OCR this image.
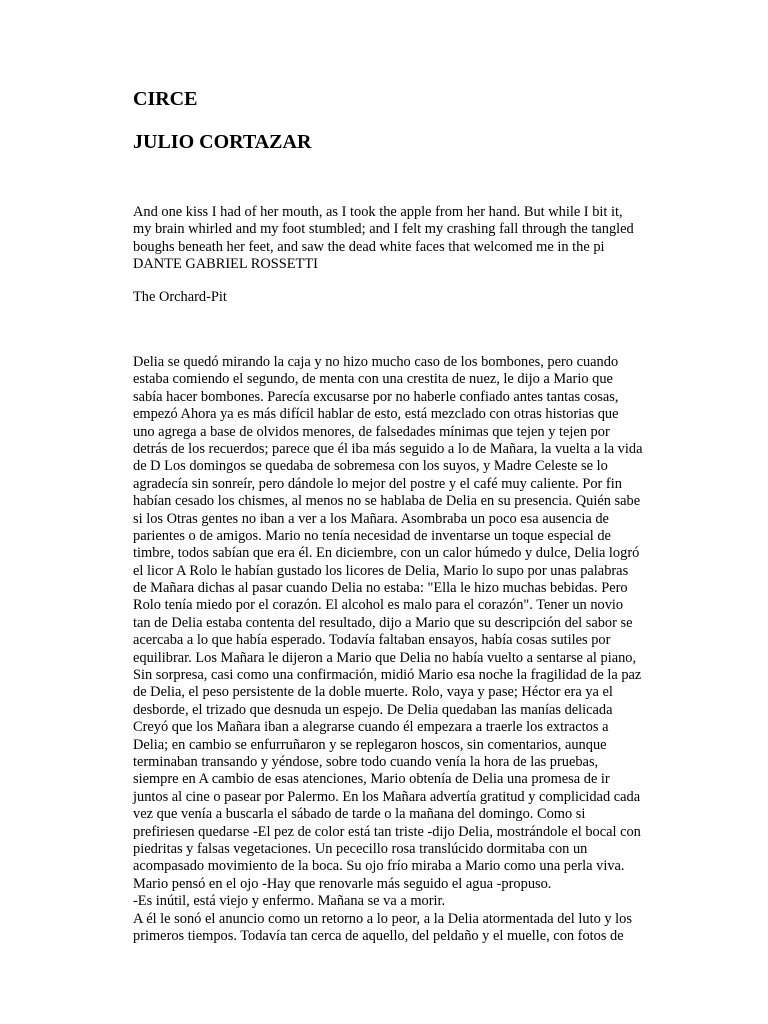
CIRCE
JULIO CORTAZAR
And one kiss I had of her mouth, as I took the apple from her hand. But while I bit it,
my brain whirled and my foot stumbled; and I felt my crashing fall through the tangled
boughs beneath her feet, and saw the dead white faces that welcomed me in the pi
DANTE GABRIEL ROSSETTI
The Orchard-Pit
Delia se quedó mirando la caja y no hizo mucho caso de los bombones, pero cuando
estaba comiendo el segundo, de menta con una crestita de nuez, le dijo a Mario que
sabía hacer bombones. Parecía excusarse por no haberle confiado antes tantas cosas,
empezó Ahora ya es más difícil hablar de esto, está mezclado con otras historias que
uno agrega a base de olvidos menores, de falsedades mínimas que tejen y tejen por
detrás de los recuerdos; parece que él iba más seguido a lo de Mañara, la vuelta a la vida
de D Los domingos se quedaba de sobremesa con los suyos, y Madre Celeste se lo
agradecía sin sonreír, pero dándole lo mejor del postre y el café muy caliente. Por fin
habían cesado los chismes, al menos no se hablaba de Delia en su presencia. Quién sabe
si los Otras gentes no iban a ver a los Mañara. Asombraba un poco esa ausencia de
parientes o de amigos. Mario no tenía necesidad de inventarse un toque especial de
timbre, todos sabían que era él. En diciembre, con un calor húmedo y dulce, Delia logró
el licor A Rolo le habían gustado los licores de Delia, Mario lo supo por unas palabras
de Mañara dichas al pasar cuando Delia no estaba: "Ella le hizo muchas bebidas. Pero
Rolo tenía miedo por el corazón. El alcohol es malo para el corazón". Tener un novio
tan de Delia estaba contenta del resultado, dijo a Mario que su descripción del sabor se
acercaba a lo que había esperado. Todavía faltaban ensayos, había cosas sutiles por
equilibrar. Los Mañara le dijeron a Mario que Delia no había vuelto a sentarse al piano,
Sin sorpresa, casi como una confirmación, midió Mario esa noche la fragilidad de la paz
de Delia, el peso persistente de la doble muerte. Rolo, vaya y pase; Héctor era ya el
desborde, el trizado que desnuda un espejo. De Delia quedaban las manías delicada
Creyó que los Mañara iban a alegrarse cuando él empezara a traerle los extractos a
Delia; en cambio se enfurruñaron y se replegaron hoscos, sin comentarios, aunque
terminaban transando y yéndose, sobre todo cuando venía la hora de las pruebas,
siempre en A cambio de esas atenciones, Mario obtenía de Delia una promesa de ir
juntos al cine o pasear por Palermo. En los Mañara advertía gratitud y complicidad cada
vez que venía a buscarla el sábado de tarde o la mañana del domingo. Como si
prefiriesen quedarse -El pez de color está tan triste -dijo Delia, mostrándole el bocal con
piedritas y falsas vegetaciones. Un pececillo rosa translúcido dormitaba con un
acompasado movimiento de la boca. Su ojo frío miraba a Mario como una perla viva.
Mario pensó en el ojo -Hay que renovarle más seguido el agua -propuso.
-Es inútil, está viejo y enfermo. Mañana se va a morir.
A él le sonó el anuncio como un retorno a lo peor, a la Delia atormentada del luto y los
primeros tiempos. Todavía tan cerca de aquello, del peldaño y el muelle, con fotos de
